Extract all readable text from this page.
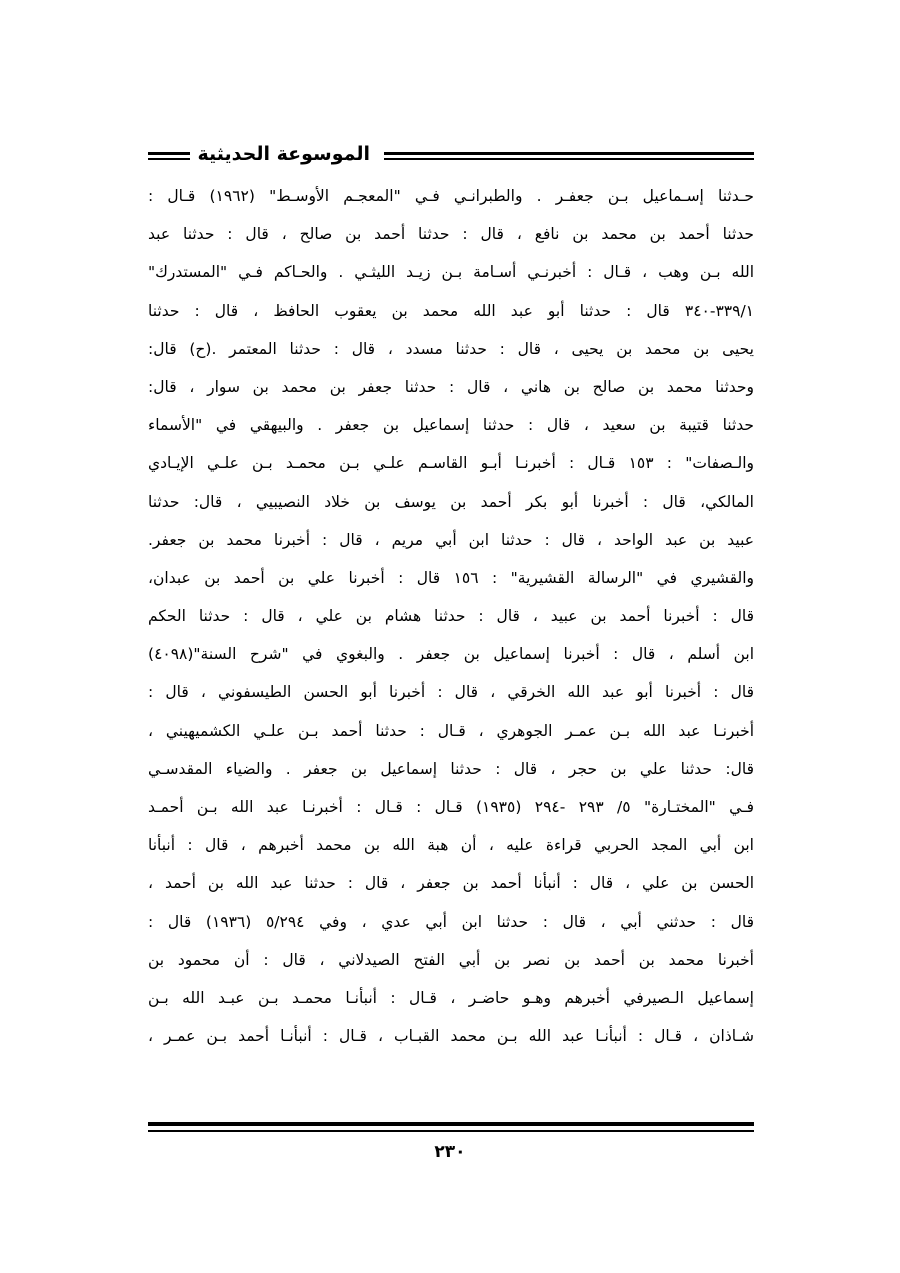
الموسوعة الحديثية
حـدثنا إسـماعيل بـن جعفـر . والطبرانـي فـي "المعجـم الأوسـط" (١٩٦٢) قـال :
حدثنا أحمد بن محمد بن نافع ، قال : حدثنا أحمد بن صالح ، قال : حدثنا عبد
الله بـن وهب ، قـال : أخبرنـي أسـامة بـن زيـد الليثـي . والحـاكم فـي "المستدرك"
٣٣٩/١-٣٤٠ قال : حدثنا أبو عبد الله محمد بن يعقوب الحافظ ، قال : حدثنا
يحيى بن محمد بن يحيى ، قال : حدثنا مسدد ، قال : حدثنا المعتمر .(ح) قال:
وحدثنا محمد بن صالح بن هاني ، قال : حدثنا جعفر بن محمد بن سوار ، قال:
حدثنا قتيبة بن سعيد ، قال : حدثنا إسماعيل بن جعفر . والبيهقي في "الأسماء
والـصفات" : ١٥٣ قـال : أخبرنـا أبـو القاسـم علـي بـن محمـد بـن علـي الإيـادي
المالكي، قال : أخبرنا أبو بكر أحمد بن يوسف بن خلاد النصيبيي ، قال: حدثنا
عبيد بن عبد الواحد ، قال : حدثنا ابن أبي مريم ، قال : أخبرنا محمد بن جعفر.
والقشيري في "الرسالة القشيرية" : ١٥٦ قال : أخبرنا علي بن أحمد بن عبدان،
قال : أخبرنا أحمد بن عبيد ، قال : حدثنا هشام بن علي ، قال : حدثنا الحكم
ابن أسلم ، قال : أخبرنا إسماعيل بن جعفر . والبغوي في "شرح السنة"(٤٠٩٨)
قال : أخبرنا أبو عبد الله الخرقي ، قال : أخبرنا أبو الحسن الطيسفوني ، قال :
أخبرنـا عبد الله بـن عمـر الجوهري ، قـال : حدثنا أحمد بـن علـي الكشميهيني ،
قال: حدثنا علي بن حجر ، قال : حدثنا إسماعيل بن جعفر . والضياء المقدسـي
فـي "المختـارة" ٥/ ٢٩٣ -٢٩٤ (١٩٣٥) قـال : قـال : أخبرنـا عبد الله بـن أحمـد
ابن أبي المجد الحربي قراءة عليه ، أن هبة الله بن محمد أخبرهم ، قال : أنبأنا
الحسن بن علي ، قال : أنبأنا أحمد بن جعفر ، قال : حدثنا عبد الله بن أحمد ،
قال : حدثني أبي ، قال : حدثنا ابن أبي عدي ، وفي ٥/٢٩٤ (١٩٣٦) قال :
أخبرنا محمد بن أحمد بن نصر بن أبي الفتح الصيدلاني ، قال : أن محمود بن
إسماعيل الـصيرفي أخبرهم وهـو حاضـر ، قـال : أنبأنـا محمـد بـن عبـد الله بـن
شـاذان ، قـال : أنبأنـا عبد الله بـن محمد القبـاب ، قـال : أنبأنـا أحمد بـن عمـر ،
٢٣٠
